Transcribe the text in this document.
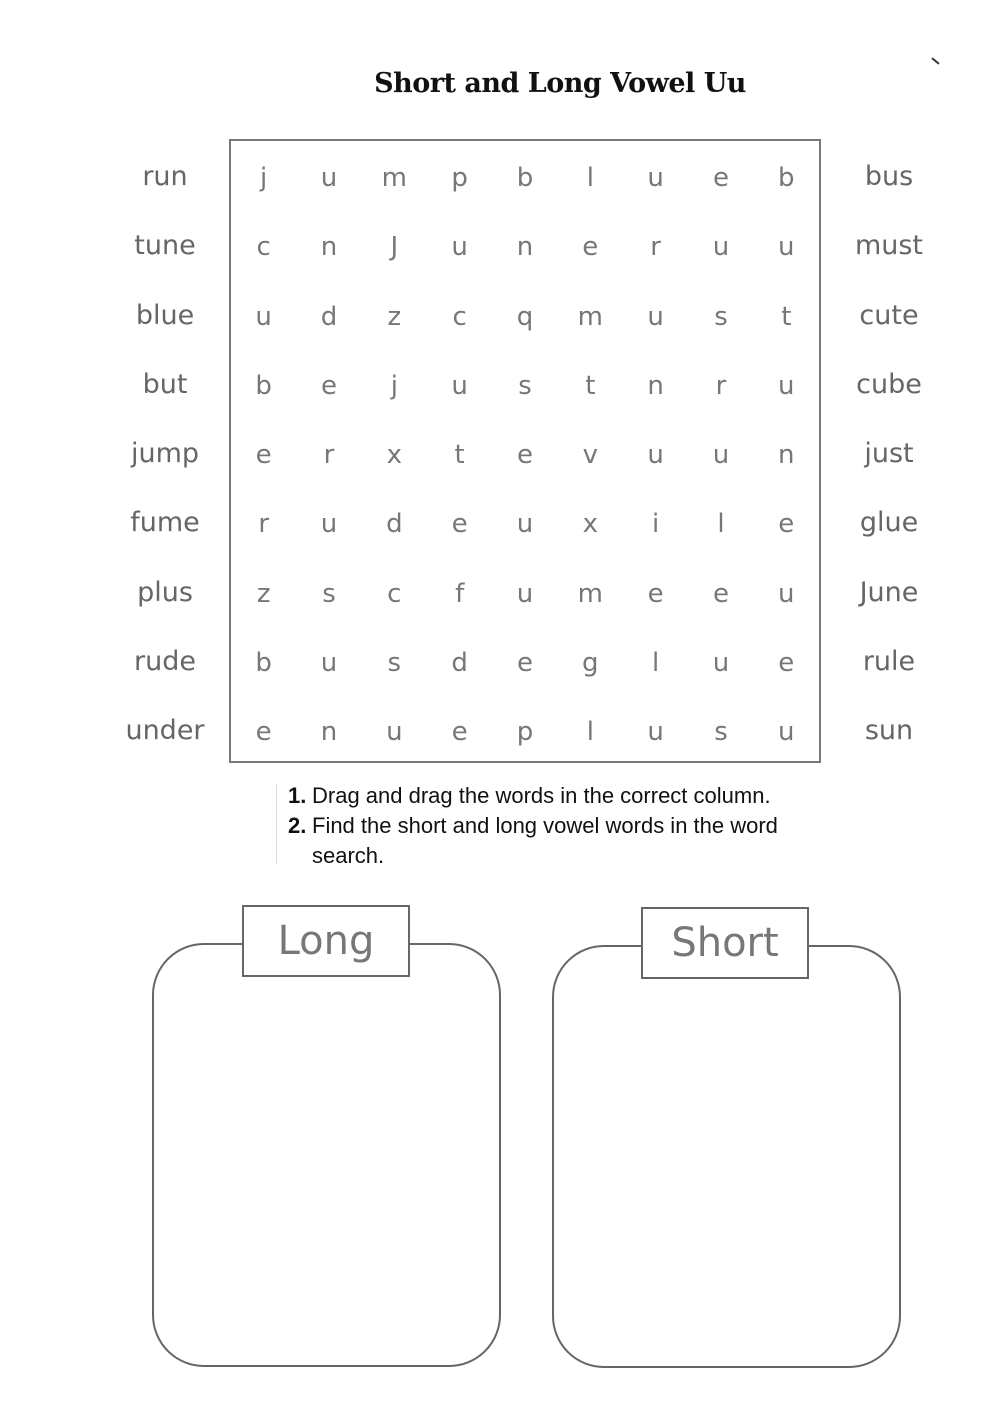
Short and Long Vowel Uu
run
tune
blue
but
jump
fume
plus
rude
under
j	u	m	p	b	l	u	e	b
c	n	J	u	n	e	r	u	u
u	d	z	c	q	m	u	s	t
b	e	j	u	s	t	n	r	u
e	r	x	t	e	v	u	u	n
r	u	d	e	u	x	i	l	e
z	s	c	f	u	m	e	e	u
b	u	s	d	e	g	l	u	e
e	n	u	e	p	l	u	s	u
bus
must
cute
cube
just
glue
June
rule
sun
1. Drag and drag the words in the correct column.
2. Find the short and long vowel words in the word search.
Long	Short
